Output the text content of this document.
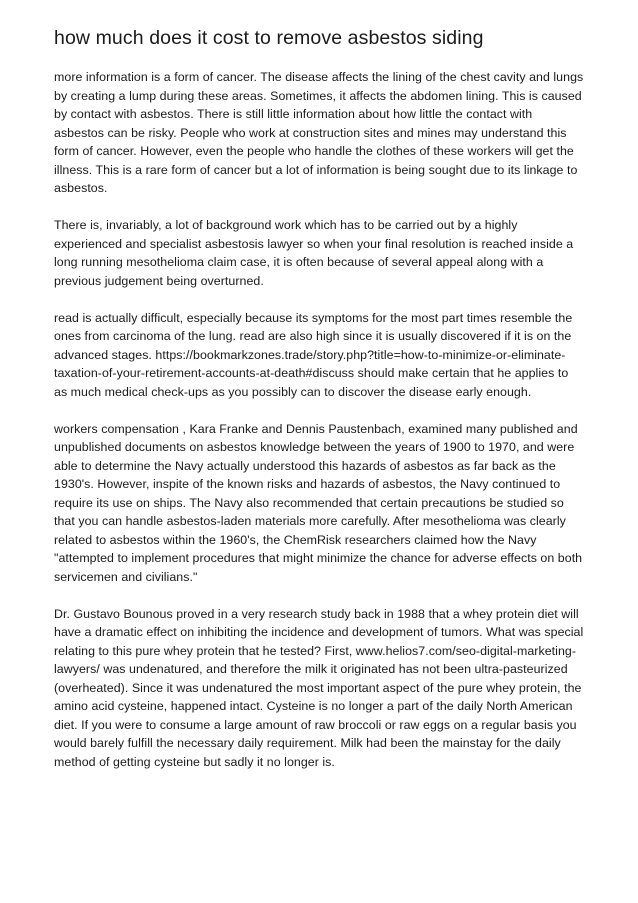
how much does it cost to remove asbestos siding

more information is a form of cancer. The disease affects the lining of the chest cavity and lungs by creating a lump during these areas. Sometimes, it affects the abdomen lining. This is caused by contact with asbestos. There is still little information about how little the contact with asbestos can be risky. People who work at construction sites and mines may understand this form of cancer. However, even the people who handle the clothes of these workers will get the illness. This is a rare form of cancer but a lot of information is being sought due to its linkage to asbestos.

There is, invariably, a lot of background work which has to be carried out by a highly experienced and specialist asbestosis lawyer so when your final resolution is reached inside a long running mesothelioma claim case, it is often because of several appeal along with a previous judgement being overturned.

read is actually difficult, especially because its symptoms for the most part times resemble the ones from carcinoma of the lung. read are also high since it is usually discovered if it is on the advanced stages. https://bookmarkzones.trade/story.php?title=how-to-minimize-or-eliminate-taxation-of-your-retirement-accounts-at-death#discuss should make certain that he applies to as much medical check-ups as you possibly can to discover the disease early enough.

workers compensation , Kara Franke and Dennis Paustenbach, examined many published and unpublished documents on asbestos knowledge between the years of 1900 to 1970, and were able to determine the Navy actually understood this hazards of asbestos as far back as the 1930's. However, inspite of the known risks and hazards of asbestos, the Navy continued to require its use on ships. The Navy also recommended that certain precautions be studied so that you can handle asbestos-laden materials more carefully. After mesothelioma was clearly related to asbestos within the 1960's, the ChemRisk researchers claimed how the Navy "attempted to implement procedures that might minimize the chance for adverse effects on both servicemen and civilians."

Dr. Gustavo Bounous proved in a very research study back in 1988 that a whey protein diet will have a dramatic effect on inhibiting the incidence and development of tumors. What was special relating to this pure whey protein that he tested? First, www.helios7.com/seo-digital-marketing-lawyers/ was undenatured, and therefore the milk it originated has not been ultra-pasteurized (overheated). Since it was undenatured the most important aspect of the pure whey protein, the amino acid cysteine, happened intact. Cysteine is no longer a part of the daily North American diet. If you were to consume a large amount of raw broccoli or raw eggs on a regular basis you would barely fulfill the necessary daily requirement. Milk had been the mainstay for the daily method of getting cysteine but sadly it no longer is.
